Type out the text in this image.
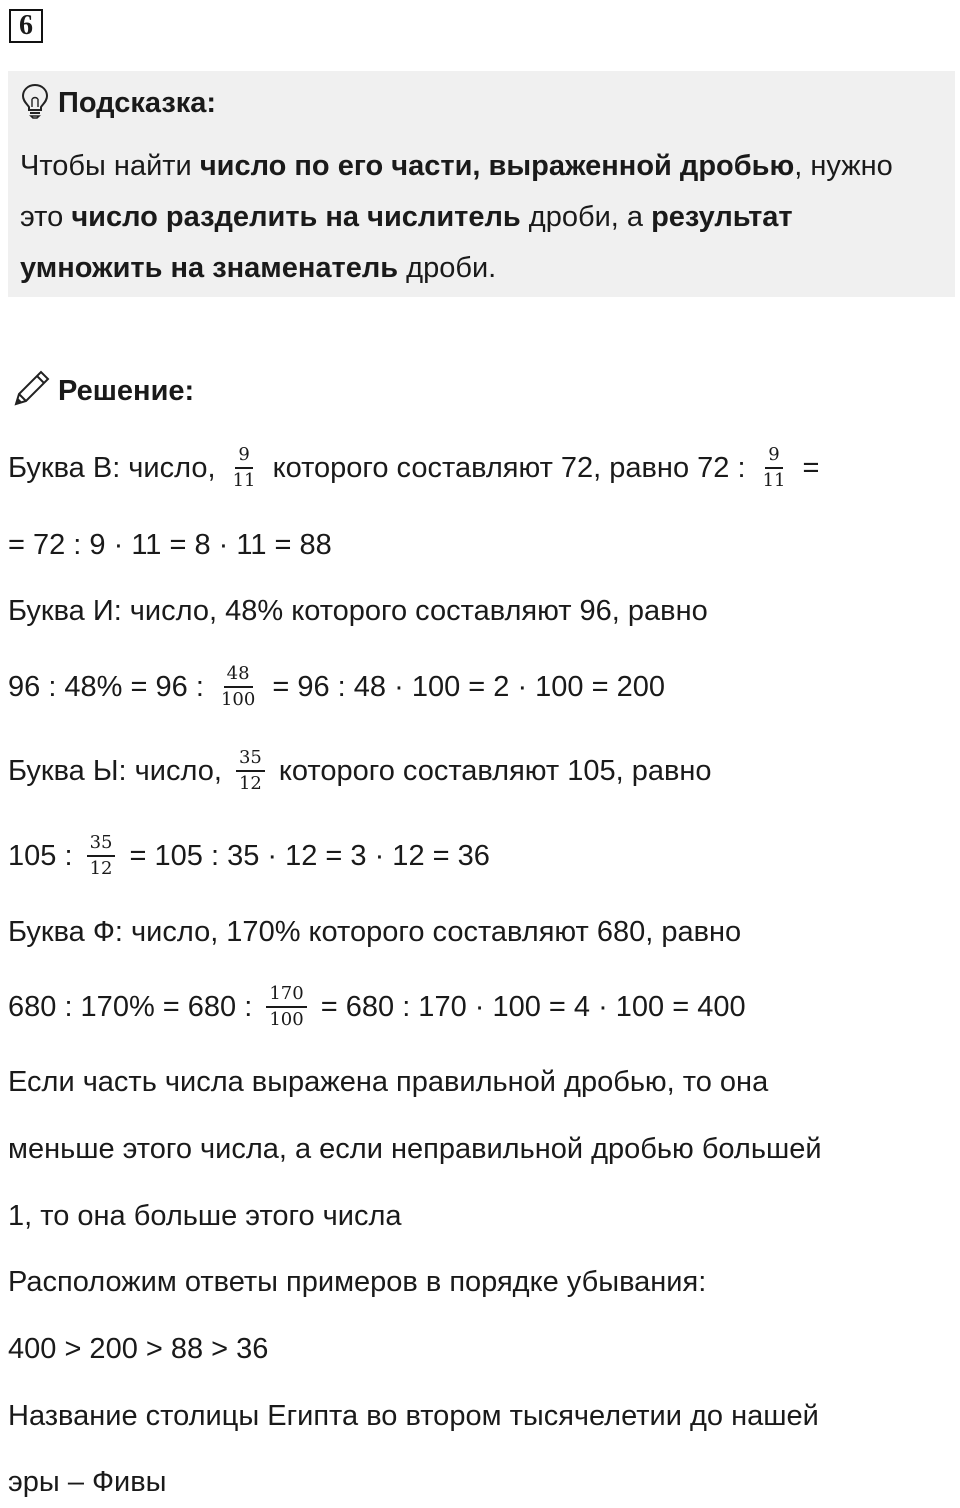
6
Подсказка:
Чтобы найти число по его части, выраженной дробью, нужно это число разделить на числитель дроби, а результат умножить на знаменатель дроби.
Решение:
Буква В: число, $\frac{9}{11}$ которого составляют 72, равно 72 : $\frac{9}{11}$ =
= 72 : 9 · 11 = 8 · 11 = 88
Буква И: число, 48% которого составляют 96, равно
96 : 48% = 96 : $\frac{48}{100} = 96$ : 48 · 100 = 2 · 100 = 200
Буква Ы: число, $\frac{35}{12}$ которого составляют 105, равно
105 : $\frac{35}{12} = 105$ : 35 · 12 = 3 · 12 = 36
Буква Ф: число, 170% которого составляют 680, равно
680 : 170% = 680 : $\frac{170}{100} = 680$ : 170 · 100 = 4 · 100 = 400
Если часть числа выражена правильной дробью, то она
меньше этого числа, а если неправильной дробью большей
1, то она больше этого числа
Расположим ответы примеров в порядке убывания:
400 > 200 > 88 > 36
Название столицы Египта во втором тысячелетии до нашей
эры – Фивы
